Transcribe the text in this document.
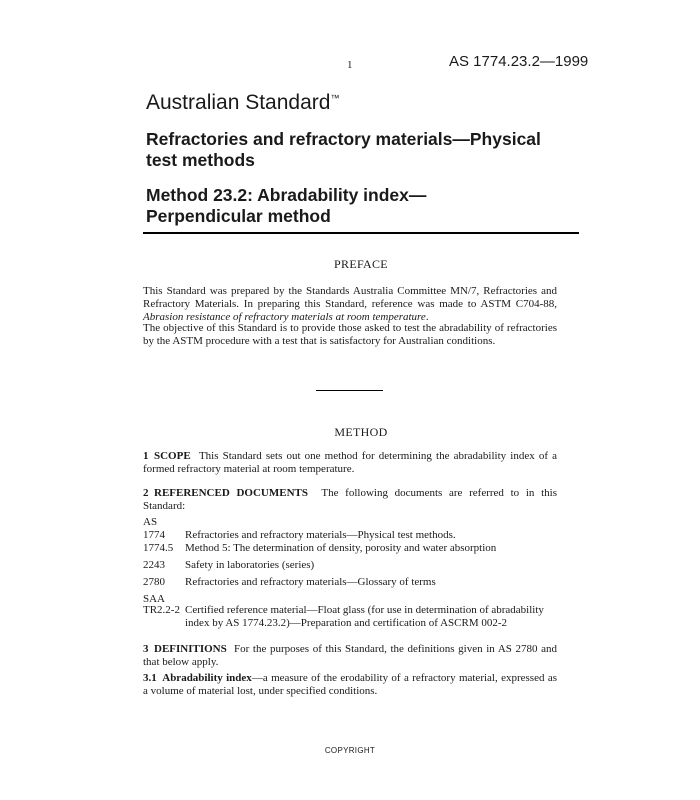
1	AS 1774.23.2—1999
Australian Standard™
Refractories and refractory materials—Physical
test methods
Method 23.2: Abradability index—
Perpendicular method
PREFACE
This Standard was prepared by the Standards Australia Committee MN/7, Refractories and Refractory Materials. In preparing this Standard, reference was made to ASTM C704-88, Abrasion resistance of refractory materials at room temperature.
The objective of this Standard is to provide those asked to test the abradability of refractories by the ASTM procedure with a test that is satisfactory for Australian conditions.
METHOD
1 SCOPE This Standard sets out one method for determining the abradability index of a formed refractory material at room temperature.
2 REFERENCED DOCUMENTS The following documents are referred to in this Standard:
AS
1774 Refractories and refractory materials—Physical test methods.
1774.5 Method 5: The determination of density, porosity and water absorption
2243 Safety in laboratories (series)
2780 Refractories and refractory materials—Glossary of terms
SAA
TR2.2-2 Certified reference material—Float glass (for use in determination of abradability
index by AS 1774.23.2)—Preparation and certification of ASCRM 002-2
3 DEFINITIONS For the purposes of this Standard, the definitions given in AS 2780 and that below apply.
3.1 Abradability index—a measure of the erodability of a refractory material, expressed as a volume of material lost, under specified conditions.
COPYRIGHT
